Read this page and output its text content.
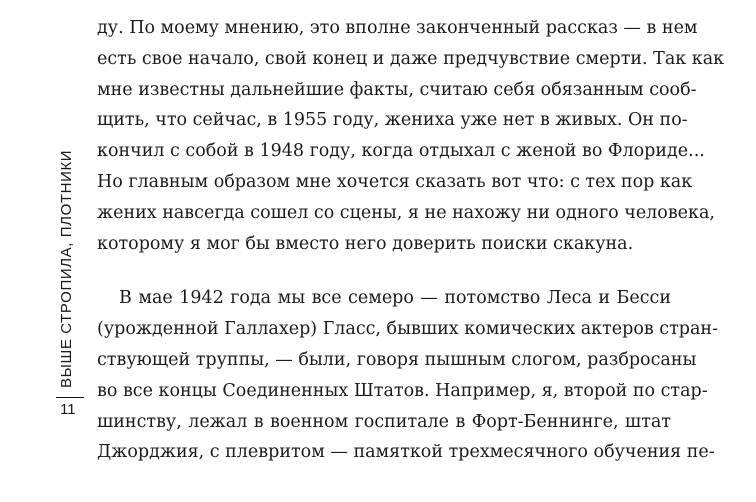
ВЫШЕ СТРОПИЛА, ПЛОТНИКИ
11
ду. По моему мнению, это вполне законченный рассказ — в нем
есть свое начало, свой конец и даже предчувствие смерти. Так как
мне известны дальнейшие факты, считаю себя обязанным сооб-
щить, что сейчас, в 1955 году, жениха уже нет в живых. Он по-
кончил с собой в 1948 году, когда отдыхал с женой во Флориде...
Но главным образом мне хочется сказать вот что: с тех пор как
жених навсегда сошел со сцены, я не нахожу ни одного человека,
которому я мог бы вместо него доверить поиски скакуна.
В мае 1942 года мы все семеро — потомство Леса и Бесси
(урожденной Галлахер) Гласс, бывших комических актеров стран-
ствующей труппы, — были, говоря пышным слогом, разбросаны
во все концы Соединенных Штатов. Например, я, второй по стар-
шинству, лежал в военном госпитале в Форт-Беннинге, штат
Джорджия, с плевритом — памяткой трехмесячного обучения пе-
